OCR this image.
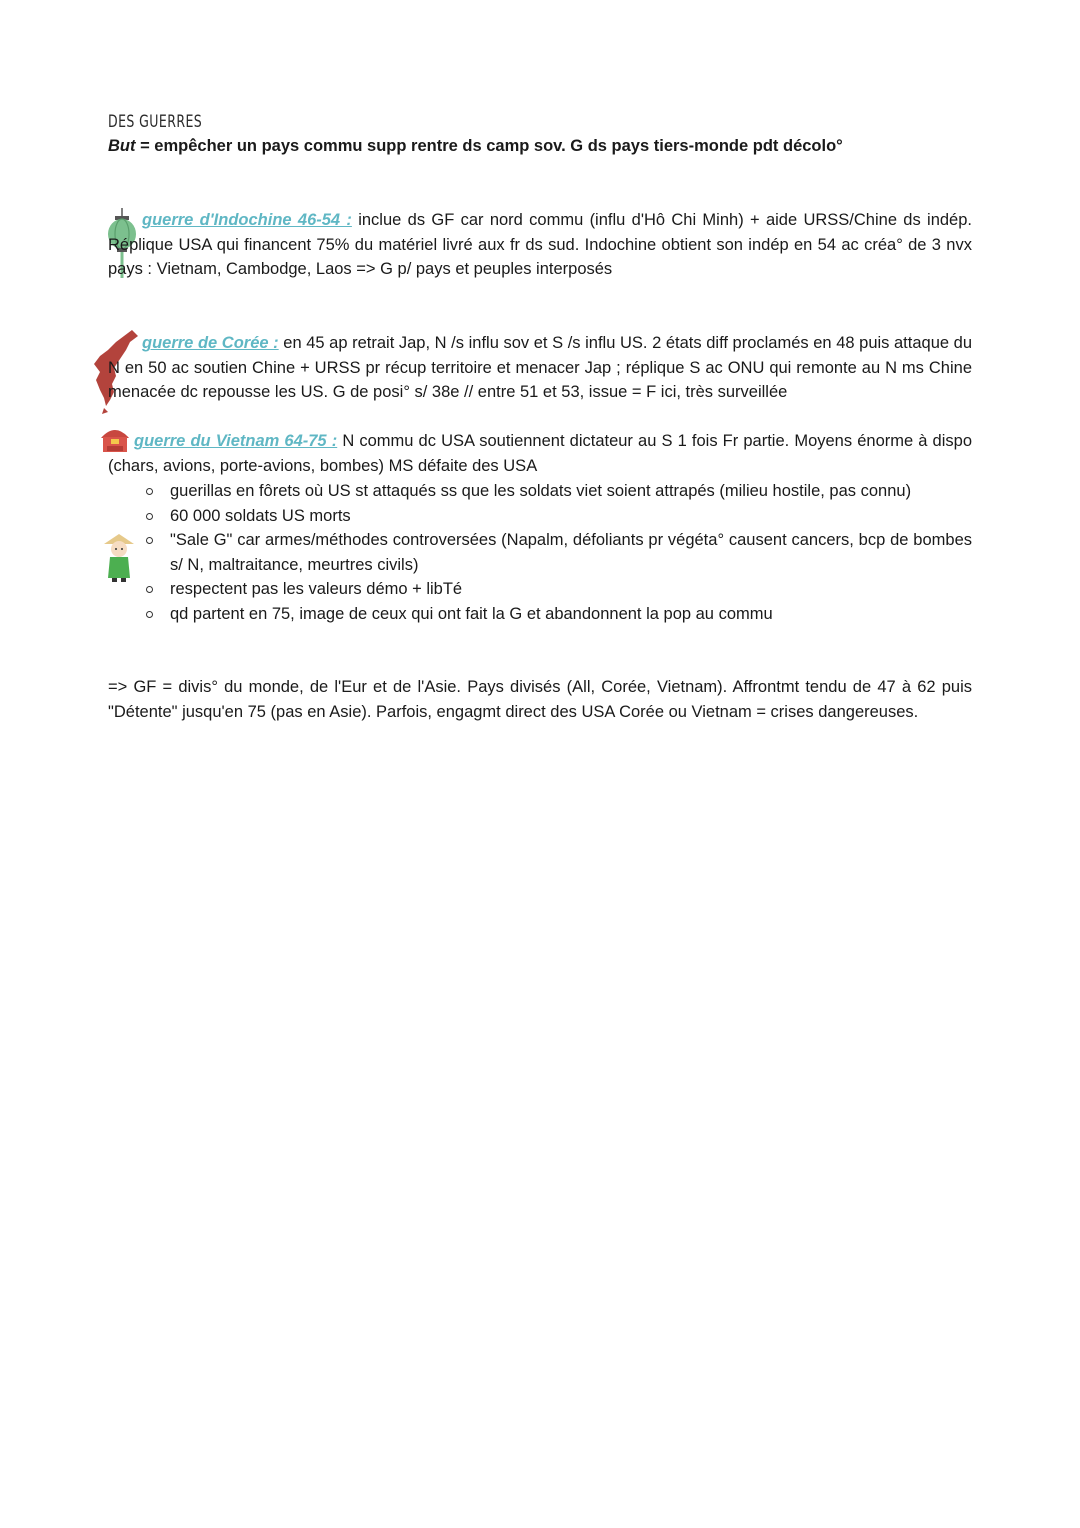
DES GUERRES
But = empêcher un pays commu supp rentre ds camp sov. G ds pays tiers-monde pdt décolo°
guerre d'Indochine 46-54 : inclue ds GF car nord commu (influ d'Hô Chi Minh) + aide URSS/Chine ds indép. Réplique USA qui financent 75% du matériel livré aux fr ds sud. Indochine obtient son indép en 54 ac créa° de 3 nvx pays : Vietnam, Cambodge, Laos => G p/ pays et peuples interposés
guerre de Corée : en 45 ap retrait Jap, N /s influ sov et S /s influ US. 2 états diff proclamés en 48 puis attaque du N en 50 ac soutien Chine + URSS pr récup territoire et menacer Jap ; réplique S ac ONU qui remonte au N ms Chine menacée dc repousse les US. G de posi° s/ 38e // entre 51 et 53, issue = F ici, très surveillée
guerre du Vietnam 64-75 : N commu dc USA soutiennent dictateur au S 1 fois Fr partie. Moyens énorme à dispo (chars, avions, porte-avions, bombes) MS défaite des USA
guerillas en fôrets où US st attaqués ss que les soldats viet soient attrapés (milieu hostile, pas connu)
60 000 soldats US morts
"Sale G" car armes/méthodes controversées (Napalm, défoliants pr végéta° causent cancers, bcp de bombes s/ N, maltraitance, meurtres civils)
respectent pas les valeurs démo + libTé
qd partent en 75, image de ceux qui ont fait la G et abandonnent la pop au commu
=> GF = divis° du monde, de l'Eur et de l'Asie. Pays divisés (All, Corée, Vietnam). Affrontmt tendu de 47 à 62 puis "Détente" jusqu'en 75 (pas en Asie). Parfois, engagmt direct des USA Corée ou Vietnam = crises dangereuses.
